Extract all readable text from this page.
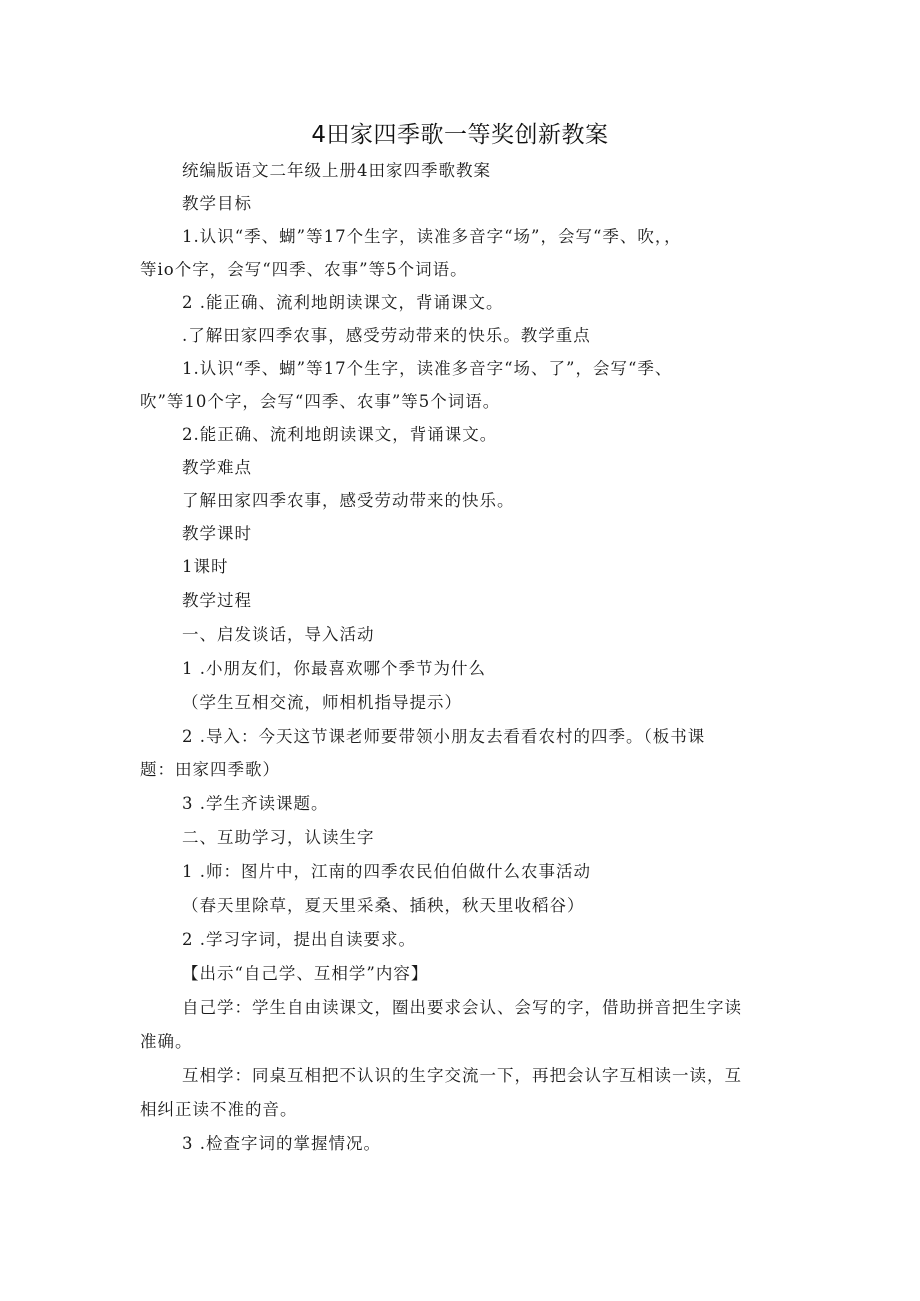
4田家四季歌一等奖创新教案
统编版语文二年级上册4田家四季歌教案
教学目标
1.认识“季、蝴”等17个生字，读准多音字“场”，会写“季、吹，，
等io个字，会写“四季、农事”等5个词语。
2 .能正确、流利地朗读课文，背诵课文。
.了解田家四季农事，感受劳动带来的快乐。教学重点
1.认识“季、蝴”等17个生字，读准多音字“场、了”，会写“季、
吹”等10个字，会写“四季、农事”等5个词语。
2.能正确、流利地朗读课文，背诵课文。
教学难点
了解田家四季农事，感受劳动带来的快乐。
教学课时
1课时
教学过程
一、启发谈话，导入活动
1 .小朋友们，你最喜欢哪个季节为什么
（学生互相交流，师相机指导提示）
2 .导入：今天这节课老师要带领小朋友去看看农村的四季。（板书课
题：田家四季歌）
3 .学生齐读课题。
二、互助学习，认读生字
1 .师：图片中，江南的四季农民伯伯做什么农事活动
（春天里除草，夏天里采桑、插秧，秋天里收稻谷）
2 .学习字词，提出自读要求。
【出示“自己学、互相学”内容】
自己学：学生自由读课文，圈出要求会认、会写的字，借助拼音把生字读
准确。
互相学：同桌互相把不认识的生字交流一下，再把会认字互相读一读，互
相纠正读不准的音。
3 .检查字词的掌握情况。
